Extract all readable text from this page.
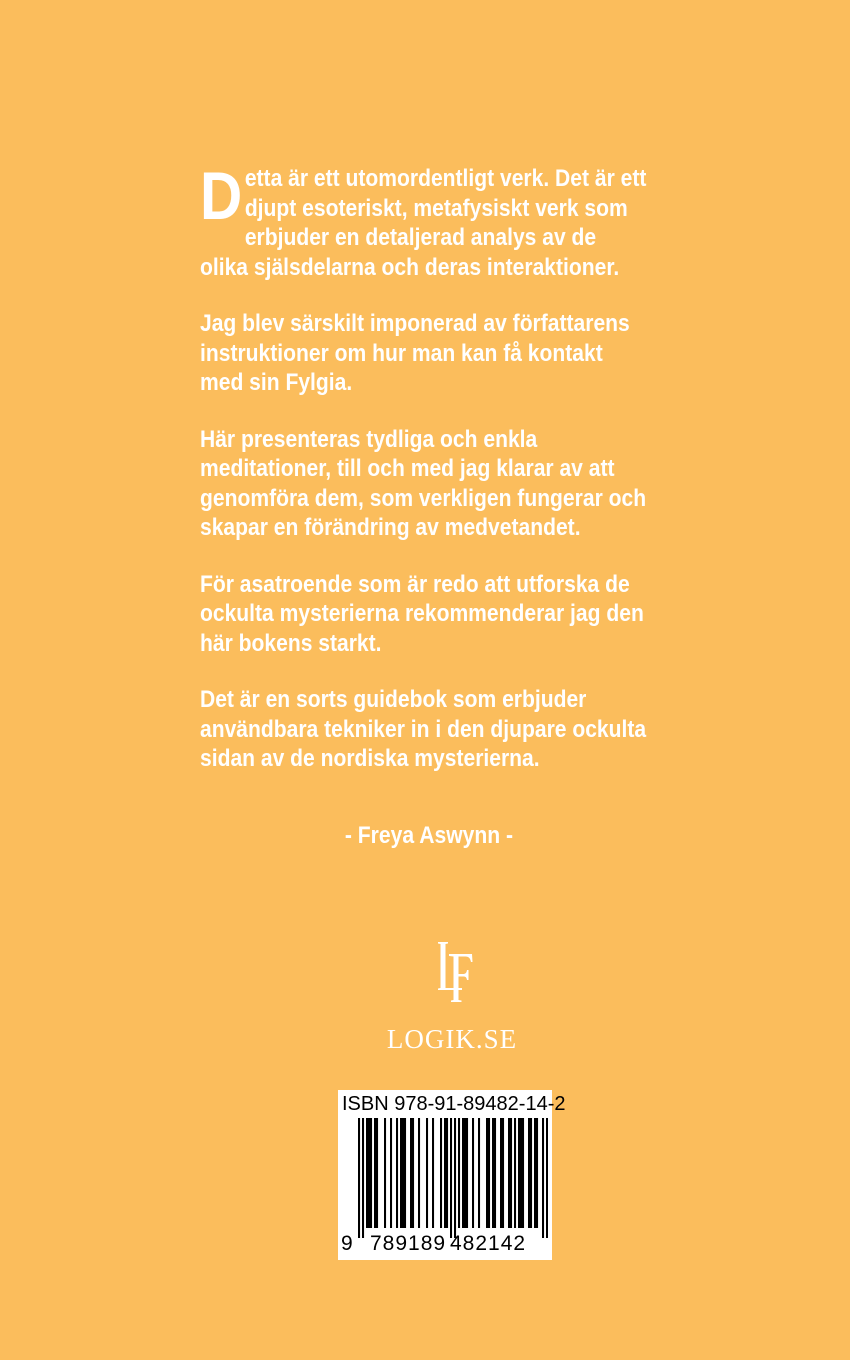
Detta är ett utomordentligt verk. Det är ett djupt esoteriskt, metafysiskt verk som erbjuder en detaljerad analys av de olika själsdelarna och deras interaktioner.

Jag blev särskilt imponerad av författarens instruktioner om hur man kan få kontakt med sin Fylgia.

Här presenteras tydliga och enkla meditationer, till och med jag klarar av att genomföra dem, som verkligen fungerar och skapar en förändring av medvetandet.

För asatroende som är redo att utforska de ockulta mysterierna rekommenderar jag den här bokens starkt.

Det är en sorts guidebok som erbjuder användbara tekniker in i den djupare ockulta sidan av de nordiska mysterierna.

- Freya Aswynn -
LOGIK.SE
ISBN 978-91-89482-14-2
9 789189 482142
